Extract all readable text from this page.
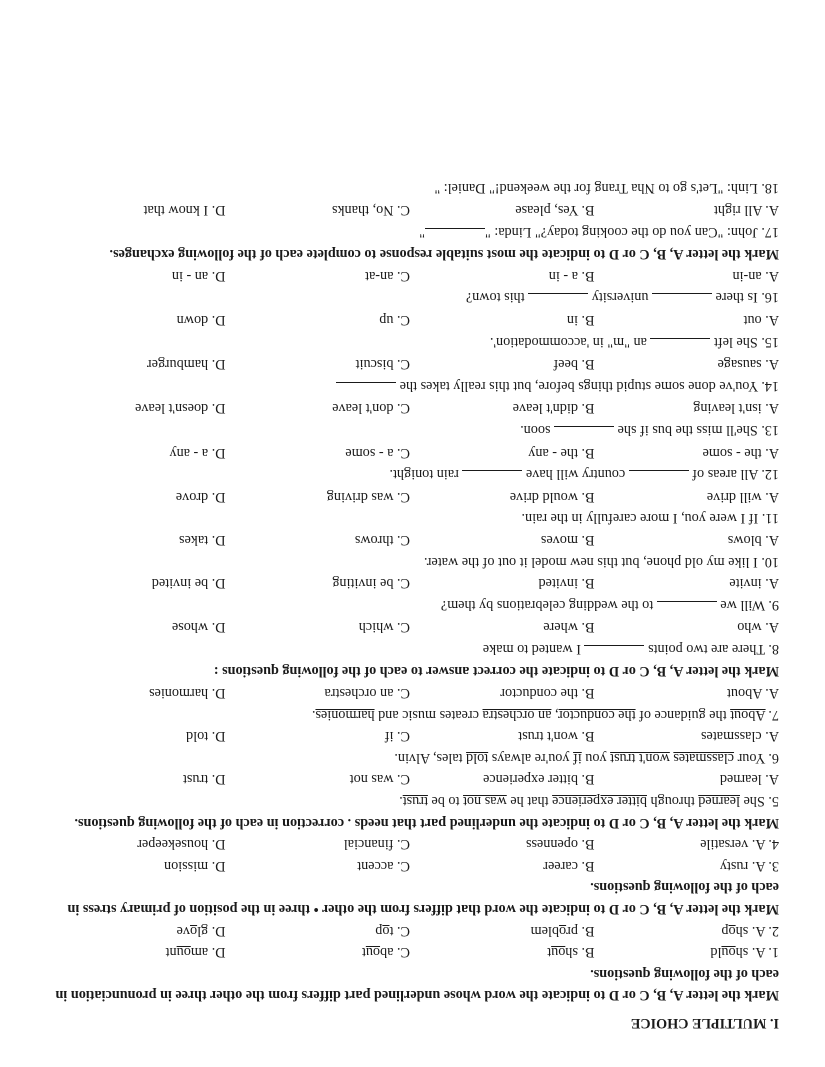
I. MULTIPLE CHOICE
Mark the letter A, B, C or D to indicate the word whose underlined part differs from the other three in pronunciation in each of the following questions.
1. A. should
B. shout
C. about
D. amount
2. A. shop
B. problem
C. top
D. glove
Mark the letter A, B, C or D to indicate the word that differs from the other • three in the position of primary stress in each of the following questions.
3. A. rusty
B. career
C. accent
D. mission
4. A. versatile
B. openness
C. financial
D. housekeeper
Mark the letter A, B, C or D to indicate the underlined part that needs . correction in each of the following questions.
5. She learned through bitter experience that he was not to be trust.
A. learned
B. bitter experience
C. was not
D. trust
6. Your classmates won't trust you if you're always told tales, Alvin.
A. classmates
B. won't trust
C. if
D. told
7. About the guidance of the conductor, an orchestra creates music and harmonies.
A. About
B. the conductor
C. an orchestra
D. harmonies
Mark the letter A, B, C or D to indicate the correct answer to each of the following questions :
8. There are two points  I wanted to make
A. who
B. where
C. which
D. whose
9. Will we  to the wedding celebrations by them?
A. invite
B. invited
C. be inviting
D. be invited
10. I like my old phone, but this new model it out of the water.
A. blows
B. moves
C. throws
D. takes
11. If I were you, I more carefully in the rain.
A. will drive
B. would drive
C. was driving
D. drove
12. All areas of  country will have  rain tonight.
A. the - some
B. the - any
C. a - some
D. a - any
13. She'll miss the bus if she  soon.
A. isn't leaving
B. didn't leave
C. don't leave
D. doesn't leave
14. You've done some stupid things before, but this really takes the
A. sausage
B. beef
C. biscuit
D. hamburger
15. She left  an "m" in 'accommodation'.
A. out
B. in
C. up
D. down
16. Is there  university  this town?
A. an-in
B. a - in
C. an-at
D. an - in
Mark the letter A, B, C or D to indicate the most suitable response to complete each of the following exchanges.
17. John: "Can you do the cooking today?" Linda: ""
A. All right
B. Yes, please
C. No, thanks
D. I know that
18. Linh: "Let's go to Nha Trang for the weekend!" Daniel: "
